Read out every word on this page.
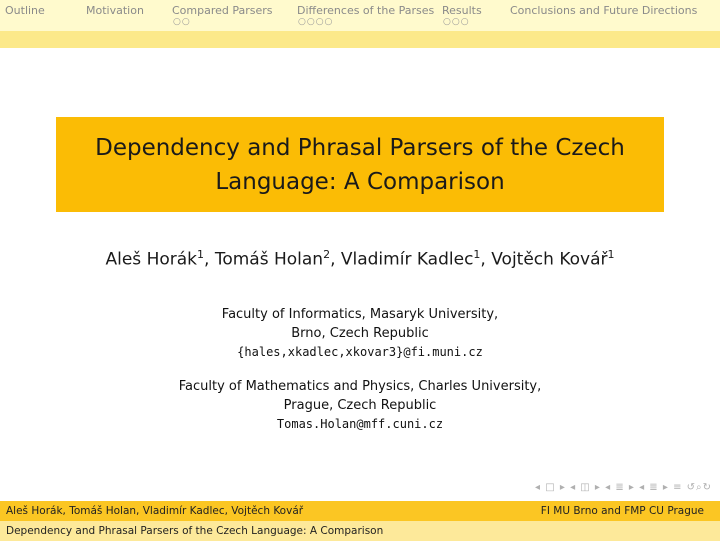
Outline	Motivation	Compared Parsers
○○
Differences of the Parses
○○○○
Results
○○○
Conclusions and Future Directions
Dependency and Phrasal Parsers of the Czech Language: A Comparison
Aleš Horák$^1$, Tomáš Holan$^2$, Vladimír Kadlec$^1$, Vojtěch Kovář$^1$
Faculty of Informatics, Masaryk University,
Brno, Czech Republic
{hales,xkadlec,xkovar3}@fi.muni.cz
Faculty of Mathematics and Physics, Charles University,
Prague, Czech Republic
Tomas.Holan@mff.cuni.cz
◂ □ ▸ ◂ ◫ ▸ ◂ ≣ ▸ ◂ ≣ ▸ ≡ ↺⌕↻
Aleš Horák, Tomáš Holan, Vladimír Kadlec, Vojtěch Kovář	FI MU Brno and FMP CU Prague
Dependency and Phrasal Parsers of the Czech Language: A Comparison
